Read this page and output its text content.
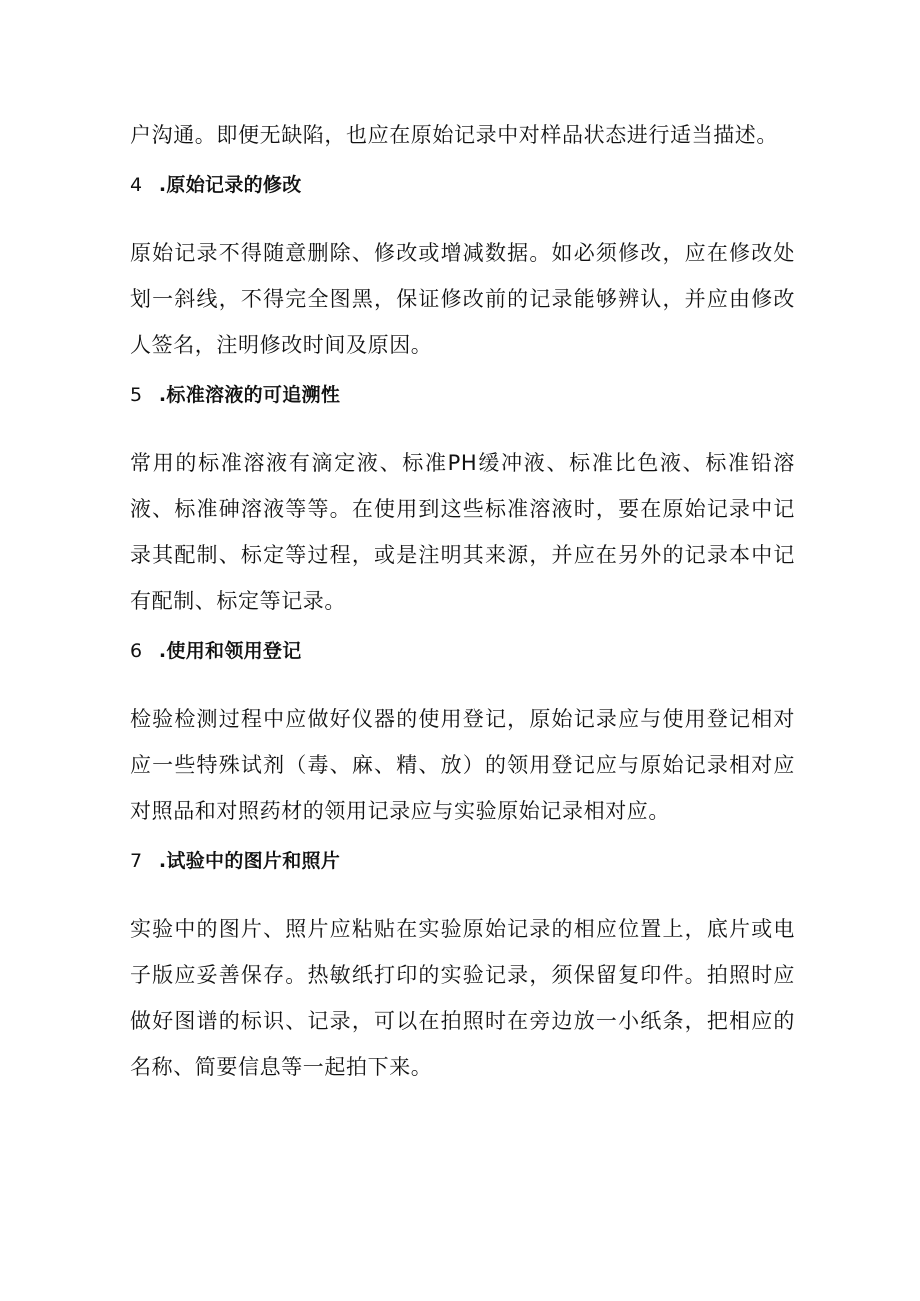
户沟通。即便无缺陷，也应在原始记录中对样品状态进行适当描述。

4 .原始记录的修改

原始记录不得随意删除、修改或增减数据。如必须修改，应在修改处划一斜线，不得完全图黑，保证修改前的记录能够辨认，并应由修改人签名，注明修改时间及原因。

5 .标准溶液的可追溯性

常用的标准溶液有滴定液、标准PH缓冲液、标准比色液、标准铅溶液、标准砷溶液等等。在使用到这些标准溶液时，要在原始记录中记录其配制、标定等过程，或是注明其来源，并应在另外的记录本中记有配制、标定等记录。

6 .使用和领用登记

检验检测过程中应做好仪器的使用登记，原始记录应与使用登记相对应一些特殊试剂（毒、麻、精、放）的领用登记应与原始记录相对应对照品和对照药材的领用记录应与实验原始记录相对应。

7 .试验中的图片和照片

实验中的图片、照片应粘贴在实验原始记录的相应位置上，底片或电子版应妥善保存。热敏纸打印的实验记录，须保留复印件。拍照时应做好图谱的标识、记录，可以在拍照时在旁边放一小纸条，把相应的名称、简要信息等一起拍下来。
